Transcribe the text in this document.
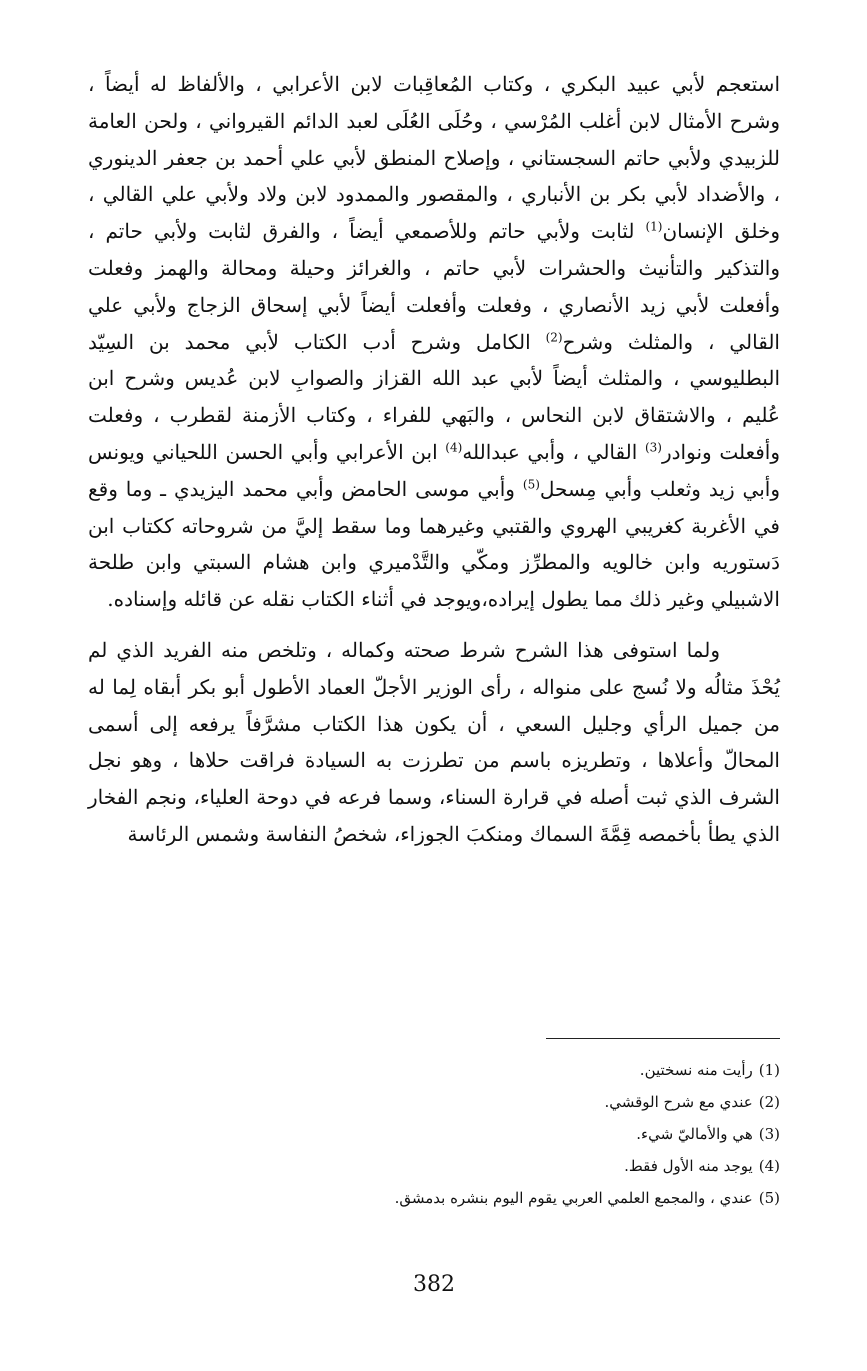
استعجم لأبي عبيد البكري ، وكتاب المُعاقِبات لابن الأعرابي ، والألفاظ له أيضاً ، وشرح الأمثال لابن أغلب المُرْسي ، وحُلَى العُلَى لعبد الدائم القيرواني ، ولحن العامة للزبيدي ولأبي حاتم السجستاني ، وإصلاح المنطق لأبي علي أحمد بن جعفر الدينوري ، والأضداد لأبي بكر بن الأنباري ، والمقصور والممدود لابن ولاد ولأبي علي القالي ، وخلق الإنسان$^{(1)}$ لثابت ولأبي حاتم وللأصمعي أيضاً ، والفرق لثابت ولأبي حاتم ، والتذكير والتأنيث والحشرات لأبي حاتم ، والغرائز وحيلة ومحالة والهمز وفعلت وأفعلت لأبي زيد الأنصاري ، وفعلت وأفعلت أيضاً لأبي إسحاق الزجاج ولأبي علي القالي ، والمثلث وشرح$^{(2)}$ الكامل وشرح أدب الكتاب لأبي محمد بن السِيّد البطليوسي ، والمثلث أيضاً لأبي عبد الله القزاز والصوابِ لابن عُديس وشرح ابن عُليم ، والاشتقاق لابن النحاس ، والبَهي للفراء ، وكتاب الأزمنة لقطرب ، وفعلت وأفعلت ونوادر$^{(3)}$ القالي ، وأبي عبدالله$^{(4)}$ ابن الأعرابي وأبي الحسن اللحياني ويونس وأبي زيد وثعلب وأبي مِسحل$^{(5)}$ وأبي موسى الحامض وأبي محمد اليزيدي ـ وما وقع في الأغربة كغريبي الهروي والقتبي وغيرهما وما سقط إليَّ من شروحاته ككتاب ابن دَستوريه وابن خالويه والمطرِّز ومكّي والتَّدْميري وابن هشام السبتي وابن طلحة الاشبيلي وغير ذلك مما يطول إيراده،ويوجد في أثناء الكتاب نقله عن قائله وإسناده.

ولما استوفى هذا الشرح شرط صحته وكماله ، وتلخص منه الفريد الذي لم يُحْذَ مثالُه ولا نُسج على منواله ، رأى الوزير الأجلّ العماد الأطول أبو بكر أبقاه لِما له من جميل الرأي وجليل السعي ، أن يكون هذا الكتاب مشرَّفاً يرفعه إلى أسمى المحالّ وأعلاها ، وتطريزه باسم من تطرزت به السيادة فراقت حلاها ، وهو نجل الشرف الذي ثبت أصله في قرارة السناء، وسما فرعه في دوحة العلياء، ونجم الفخار الذي يطأ بأخمصه قِمَّةَ السماك ومنكبَ الجوزاء، شخصُ النفاسة وشمس الرئاسة

(1)رأيت منه نسختين.
(2)عندي مع شرح الوقشي.
(3)هي والأماليّ شيء.
(4)يوجد منه الأول فقط.
(5)عندي ، والمجمع العلمي العربي يقوم اليوم بنشره بدمشق.
382
